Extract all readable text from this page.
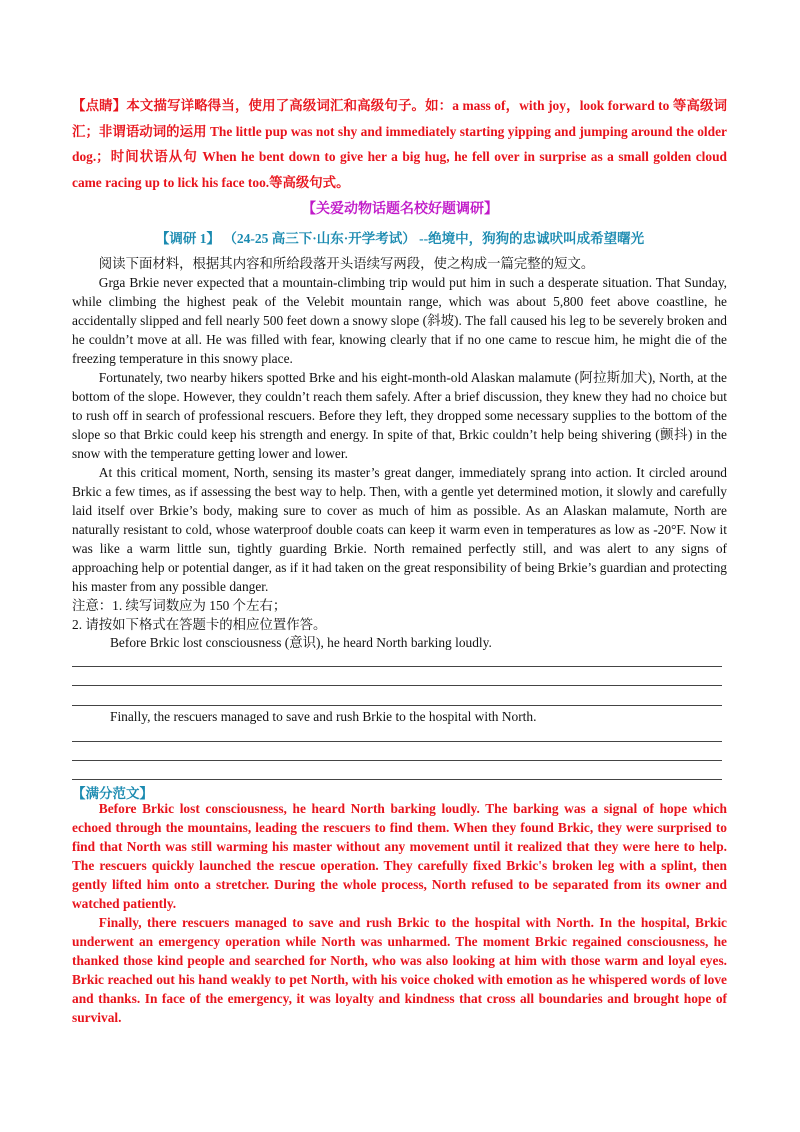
【点睛】本文描写详略得当，使用了高级词汇和高级句子。如：a mass of，with joy，look forward to 等高级词汇；非谓语动词的运用 The little pup was not shy and immediately starting yipping and jumping around the older dog.；时间状语从句 When he bent down to give her a big hug, he fell over in surprise as a small golden cloud came racing up to lick his face too.等高级句式。
【关爱动物话题名校好题调研】
【调研 1】 （24-25 高三下·山东·开学考试） --绝境中，狗狗的忠诚吠叫成希望曙光

阅读下面材料，根据其内容和所给段落开头语续写两段，使之构成一篇完整的短文。

Grga Brkie never expected that a mountain-climbing trip would put him in such a desperate situation. That Sunday, while climbing the highest peak of the Velebit mountain range, which was about 5,800 feet above coastline, he accidentally slipped and fell nearly 500 feet down a snowy slope (斜坡). The fall caused his leg to be severely broken and he couldn’t move at all. He was filled with fear, knowing clearly that if no one came to rescue him, he might die of the freezing temperature in this snowy place.

Fortunately, two nearby hikers spotted Brke and his eight-month-old Alaskan malamute (阿拉斯加犬), North, at the bottom of the slope. However, they couldn’t reach them safely. After a brief discussion, they knew they had no choice but to rush off in search of professional rescuers. Before they left, they dropped some necessary supplies to the bottom of the slope so that Brkic could keep his strength and energy. In spite of that, Brkic couldn’t help being shivering (颤抖) in the snow with the temperature getting lower and lower.

At this critical moment, North, sensing its master’s great danger, immediately sprang into action. It circled around Brkic a few times, as if assessing the best way to help. Then, with a gentle yet determined motion, it slowly and carefully laid itself over Brkie’s body, making sure to cover as much of him as possible. As an Alaskan malamute, North are naturally resistant to cold, whose waterproof double coats can keep it warm even in temperatures as low as -20°F. Now it was like a warm little sun, tightly guarding Brkie. North remained perfectly still, and was alert to any signs of approaching help or potential danger, as if it had taken on the great responsibility of being Brkie’s guardian and protecting his master from any possible danger.

注意：1. 续写词数应为 150 个左右；

2. 请按如下格式在答题卡的相应位置作答。

Before Brkic lost consciousness (意识), he heard North barking loudly.
Finally, the rescuers managed to save and rush Brkie to the hospital with North.
【满分范文】

Before Brkic lost consciousness, he heard North barking loudly. The barking was a signal of hope which echoed through the mountains, leading the rescuers to find them. When they found Brkic, they were surprised to find that North was still warming his master without any movement until it realized that they were here to help. The rescuers quickly launched the rescue operation. They carefully fixed Brkic's broken leg with a splint, then gently lifted him onto a stretcher. During the whole process, North refused to be separated from its owner and watched patiently.

Finally, there rescuers managed to save and rush Brkic to the hospital with North. In the hospital, Brkic underwent an emergency operation while North was unharmed. The moment Brkic regained consciousness, he thanked those kind people and searched for North, who was also looking at him with those warm and loyal eyes. Brkic reached out his hand weakly to pet North, with his voice choked with emotion as he whispered words of love and thanks. In face of the emergency, it was loyalty and kindness that cross all boundaries and brought hope of survival.
